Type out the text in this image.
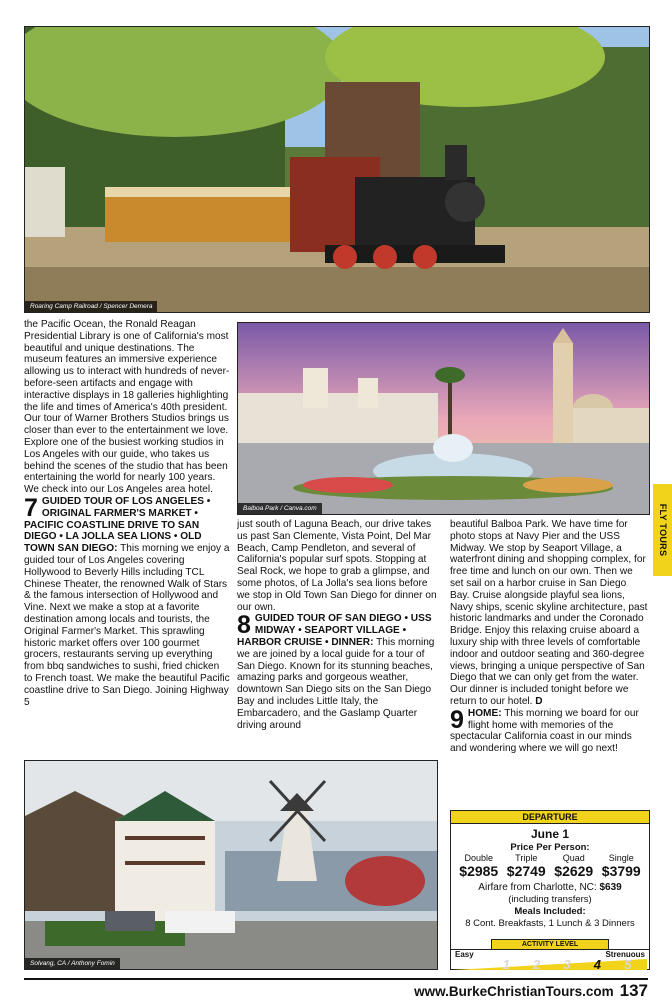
Roaring Camp Railroad / Spencer Demera
Balboa Park / Canva.com
Solvang, CA / Anthony Fomin

the Pacific Ocean, the Ronald Reagan Presidential Library is one of California's most beautiful and unique destinations. The museum features an immersive experience allowing us to interact with hundreds of never-before-seen artifacts and engage with interactive displays in 18 galleries highlighting the life and times of America's 40th president. Our tour of Warner Brothers Studios brings us closer than ever to the entertainment we love. Explore one of the busiest working studios in Los Angeles with our guide, who takes us behind the scenes of the studio that has been entertaining the world for nearly 100 years. We check into our Los Angeles area hotel.

7 GUIDED TOUR OF LOS ANGELES • ORIGINAL FARMER'S MARKET • PACIFIC COASTLINE DRIVE TO SAN DIEGO • LA JOLLA SEA LIONS • OLD TOWN SAN DIEGO: This morning we enjoy a guided tour of Los Angeles covering Hollywood to Beverly Hills including TCL Chinese Theater, the renowned Walk of Stars & the famous intersection of Hollywood and Vine. Next we make a stop at a favorite destination among locals and tourists, the Original Farmer's Market. This sprawling historic market offers over 100 gourmet grocers, restaurants serving up everything from bbq sandwiches to sushi, fried chicken to French toast. We make the beautiful Pacific coastline drive to San Diego. Joining Highway 5

just south of Laguna Beach, our drive takes us past San Clemente, Vista Point, Del Mar Beach, Camp Pendleton, and several of California's popular surf spots. Stopping at Seal Rock, we hope to grab a glimpse, and some photos, of La Jolla's sea lions before we stop in Old Town San Diego for dinner on our own.

8 GUIDED TOUR OF SAN DIEGO • USS MIDWAY • SEAPORT VILLAGE • HARBOR CRUISE • DINNER: This morning we are joined by a local guide for a tour of San Diego. Known for its stunning beaches, amazing parks and gorgeous weather, downtown San Diego sits on the San Diego Bay and includes Little Italy, the Embarcadero, and the Gaslamp Quarter driving around

beautiful Balboa Park. We have time for photo stops at Navy Pier and the USS Midway. We stop by Seaport Village, a waterfront dining and shopping complex, for free time and lunch on our own. Then we set sail on a harbor cruise in San Diego Bay. Cruise alongside playful sea lions, Navy ships, scenic skyline architecture, past historic landmarks and under the Coronado Bridge. Enjoy this relaxing cruise aboard a luxury ship with three levels of comfortable indoor and outdoor seating and 360-degree views, bringing a unique perspective of San Diego that we can only get from the water. Our dinner is included tonight before we return to our hotel. D

9 HOME: This morning we board for our flight home with memories of the spectacular California coast in our minds and wondering where we will go next!

FLY TOURS
DEPARTURE
June 1
Price Per Person:
Double
$2985
Triple
$2749
Quad
$2629
Single
$3799
Airfare from Charlotte, NC: $639
(including transfers)
Meals Included:
8 Cont. Breakfasts, 1 Lunch & 3 Dinners
ACTIVITY LEVEL
Easy	Strenuous
1 2 3 4 5
www.BurkeChristianTours.com 137
